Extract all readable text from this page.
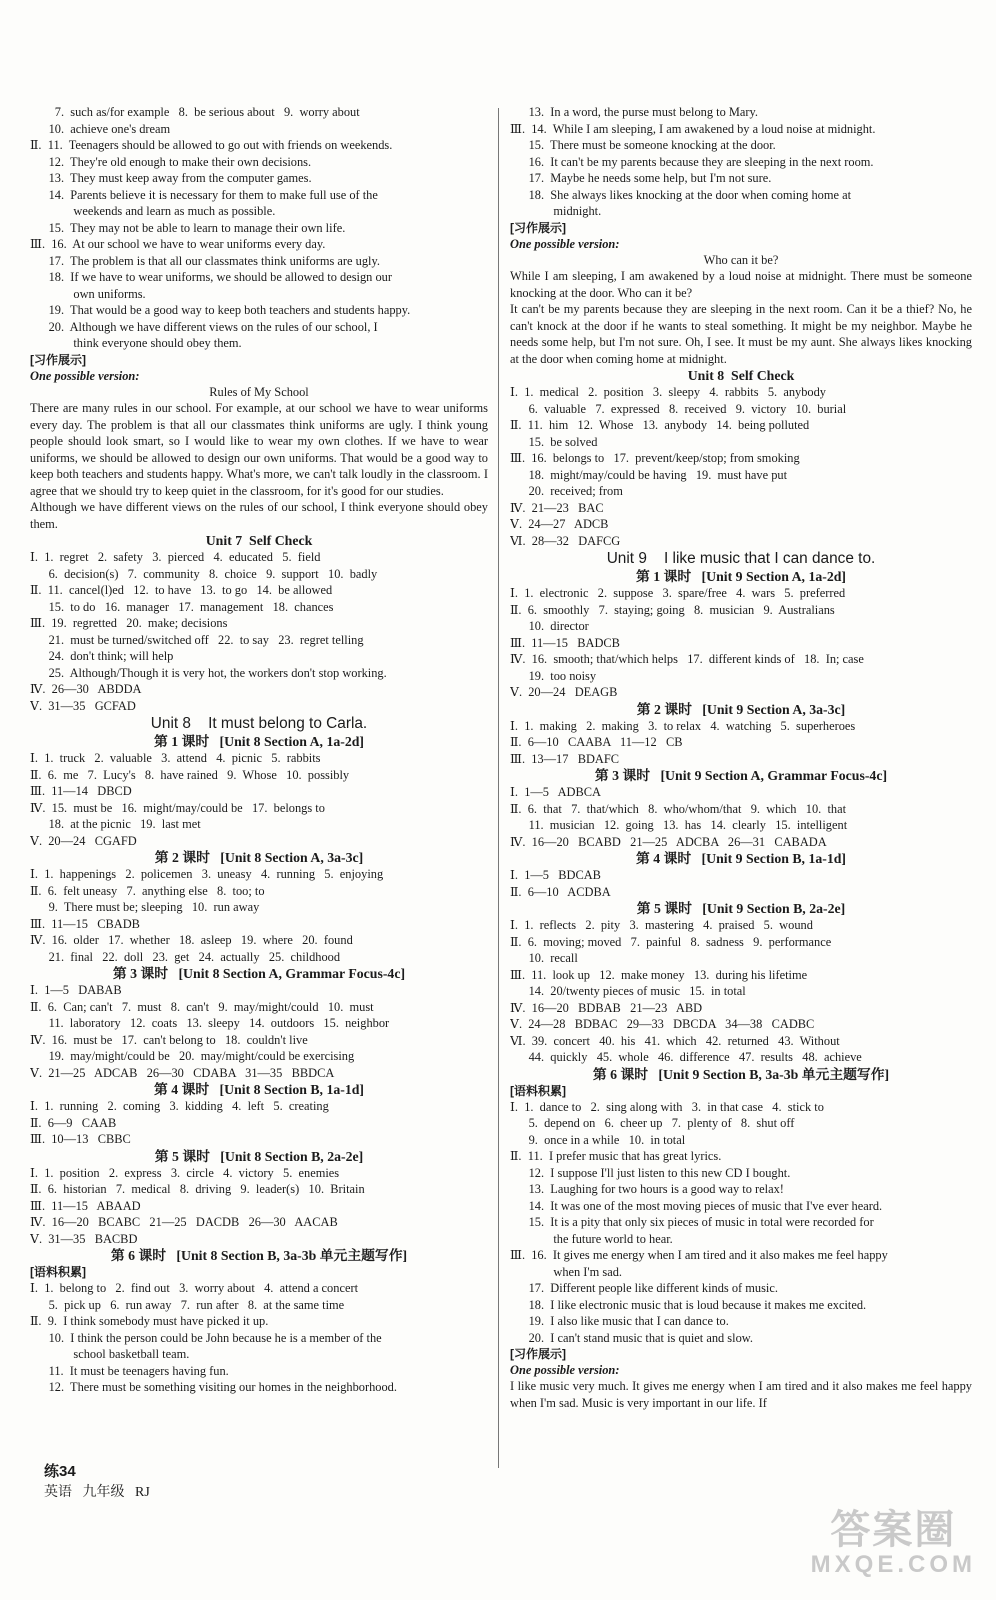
7.  such as/for example   8.  be serious about   9.  worry about
10.  achieve one's dream
Ⅱ.  11.  Teenagers should be allowed to go out with friends on weekends.
12.  They're old enough to make their own decisions.
13.  They must keep away from the computer games.
14.  Parents believe it is necessary for them to make full use of the
weekends and learn as much as possible.
15.  They may not be able to learn to manage their own life.
Ⅲ.  16.  At our school we have to wear uniforms every day.
17.  The problem is that all our classmates think uniforms are ugly.
18.  If we have to wear uniforms, we should be allowed to design our
own uniforms.
19.  That would be a good way to keep both teachers and students happy.
20.  Although we have different views on the rules of our school, I
think everyone should obey them.
[习作展示]
One possible version:
Rules of My School
There are many rules in our school. For example, at our school we have to wear uniforms every day. The problem is that all our classmates think uniforms are ugly. I think young people should look smart, so I would like to wear my own clothes. If we have to wear uniforms, we should be allowed to design our own uniforms. That would be a good way to keep both teachers and students happy. What's more, we can't talk loudly in the classroom. I agree that we should try to keep quiet in the classroom, for it's good for our studies.
Although we have different views on the rules of our school, I think everyone should obey them.
Unit 7  Self Check
Ⅰ.  1.  regret   2.  safety   3.  pierced   4.  educated   5.  field
6.  decision(s)   7.  community   8.  choice   9.  support   10.  badly
Ⅱ.  11.  cancel(l)ed   12.  to have   13.  to go   14.  be allowed
15.  to do   16.  manager   17.  management   18.  chances
Ⅲ.  19.  regretted   20.  make; decisions
21.  must be turned/switched off   22.  to say   23.  regret telling
24.  don't think; will help
25.  Although/Though it is very hot, the workers don't stop working.
Ⅳ.  26—30   ABDDA
Ⅴ.  31—35   GCFAD
Unit 8    It must belong to Carla.
第 1 课时   [Unit 8 Section A, 1a-2d]
Ⅰ.  1.  truck   2.  valuable   3.  attend   4.  picnic   5.  rabbits
Ⅱ.  6.  me   7.  Lucy's   8.  have rained   9.  Whose   10.  possibly
Ⅲ.  11—14   DBCD
Ⅳ.  15.  must be   16.  might/may/could be   17.  belongs to
18.  at the picnic   19.  last met
Ⅴ.  20—24   CGAFD
第 2 课时   [Unit 8 Section A, 3a-3c]
Ⅰ.  1.  happenings   2.  policemen   3.  uneasy   4.  running   5.  enjoying
Ⅱ.  6.  felt uneasy   7.  anything else   8.  too; to
9.  There must be; sleeping   10.  run away
Ⅲ.  11—15   CBADB
Ⅳ.  16.  older   17.  whether   18.  asleep   19.  where   20.  found
21.  final   22.  doll   23.  get   24.  actually   25.  childhood
第 3 课时   [Unit 8 Section A, Grammar Focus-4c]
Ⅰ.  1—5   DABAB
Ⅱ.  6.  Can; can't   7.  must   8.  can't   9.  may/might/could   10.  must
11.  laboratory   12.  coats   13.  sleepy   14.  outdoors   15.  neighbor
Ⅳ.  16.  must be   17.  can't belong to   18.  couldn't live
19.  may/might/could be   20.  may/might/could be exercising
Ⅴ.  21—25   ADCAB   26—30   CDABA   31—35   BBDCA
第 4 课时   [Unit 8 Section B, 1a-1d]
Ⅰ.  1.  running   2.  coming   3.  kidding   4.  left   5.  creating
Ⅱ.  6—9   CAAB
Ⅲ.  10—13   CBBC
第 5 课时   [Unit 8 Section B, 2a-2e]
Ⅰ.  1.  position   2.  express   3.  circle   4.  victory   5.  enemies
Ⅱ.  6.  historian   7.  medical   8.  driving   9.  leader(s)   10.  Britain
Ⅲ.  11—15   ABAAD
Ⅳ.  16—20   BCABC   21—25   DACDB   26—30   AACAB
Ⅴ.  31—35   BACBD
第 6 课时   [Unit 8 Section B, 3a-3b 单元主题写作]
[语料积累]
Ⅰ.  1.  belong to   2.  find out   3.  worry about   4.  attend a concert
5.  pick up   6.  run away   7.  run after   8.  at the same time
Ⅱ.  9.  I think somebody must have picked it up.
10.  I think the person could be John because he is a member of the
school basketball team.
11.  It must be teenagers having fun.
12.  There must be something visiting our homes in the neighborhood.
13.  In a word, the purse must belong to Mary.
Ⅲ.  14.  While I am sleeping, I am awakened by a loud noise at midnight.
15.  There must be someone knocking at the door.
16.  It can't be my parents because they are sleeping in the next room.
17.  Maybe he needs some help, but I'm not sure.
18.  She always likes knocking at the door when coming home at
midnight.
[习作展示]
One possible version:
Who can it be?
While I am sleeping, I am awakened by a loud noise at midnight. There must be someone knocking at the door. Who can it be?
It can't be my parents because they are sleeping in the next room. Can it be a thief? No, he can't knock at the door if he wants to steal something. It might be my neighbor. Maybe he needs some help, but I'm not sure. Oh, I see. It must be my aunt. She always likes knocking at the door when coming home at midnight.
Unit 8  Self Check
Ⅰ.  1.  medical   2.  position   3.  sleepy   4.  rabbits   5.  anybody
6.  valuable   7.  expressed   8.  received   9.  victory   10.  burial
Ⅱ.  11.  him   12.  Whose   13.  anybody   14.  being polluted
15.  be solved
Ⅲ.  16.  belongs to   17.  prevent/keep/stop; from smoking
18.  might/may/could be having   19.  must have put
20.  received; from
Ⅳ.  21—23   BAC
Ⅴ.  24—27   ADCB
Ⅵ.  28—32   DAFCG
Unit 9    I like music that I can dance to.
第 1 课时   [Unit 9 Section A, 1a-2d]
Ⅰ.  1.  electronic   2.  suppose   3.  spare/free   4.  wars   5.  preferred
Ⅱ.  6.  smoothly   7.  staying; going   8.  musician   9.  Australians
10.  director
Ⅲ.  11—15   BADCB
Ⅳ.  16.  smooth; that/which helps   17.  different kinds of   18.  In; case
19.  too noisy
Ⅴ.  20—24   DEAGB
第 2 课时   [Unit 9 Section A, 3a-3c]
Ⅰ.  1.  making   2.  making   3.  to relax   4.  watching   5.  superheroes
Ⅱ.  6—10   CAABA   11—12   CB
Ⅲ.  13—17   BDAFC
第 3 课时   [Unit 9 Section A, Grammar Focus-4c]
Ⅰ.  1—5   ADBCA
Ⅱ.  6.  that   7.  that/which   8.  who/whom/that   9.  which   10.  that
11.  musician   12.  going   13.  has   14.  clearly   15.  intelligent
Ⅳ.  16—20   BCABD   21—25   ADCBA   26—31   CABADA
第 4 课时   [Unit 9 Section B, 1a-1d]
Ⅰ.  1—5   BDCAB
Ⅱ.  6—10   ACDBA
第 5 课时   [Unit 9 Section B, 2a-2e]
Ⅰ.  1.  reflects   2.  pity   3.  mastering   4.  praised   5.  wound
Ⅱ.  6.  moving; moved   7.  painful   8.  sadness   9.  performance
10.  recall
Ⅲ.  11.  look up   12.  make money   13.  during his lifetime
14.  20/twenty pieces of music   15.  in total
Ⅳ.  16—20   BDBAB   21—23   ABD
Ⅴ.  24—28   BDBAC   29—33   DBCDA   34—38   CADBC
Ⅵ.  39.  concert   40.  his   41.  which   42.  returned   43.  Without
44.  quickly   45.  whole   46.  difference   47.  results   48.  achieve
第 6 课时   [Unit 9 Section B, 3a-3b 单元主题写作]
[语料积累]
Ⅰ.  1.  dance to   2.  sing along with   3.  in that case   4.  stick to
5.  depend on   6.  cheer up   7.  plenty of   8.  shut off
9.  once in a while   10.  in total
Ⅱ.  11.  I prefer music that has great lyrics.
12.  I suppose I'll just listen to this new CD I bought.
13.  Laughing for two hours is a good way to relax!
14.  It was one of the most moving pieces of music that I've ever heard.
15.  It is a pity that only six pieces of music in total were recorded for
the future world to hear.
Ⅲ.  16.  It gives me energy when I am tired and it also makes me feel happy
when I'm sad.
17.  Different people like different kinds of music.
18.  I like electronic music that is loud because it makes me excited.
19.  I also like music that I can dance to.
20.  I can't stand music that is quiet and slow.
[习作展示]
One possible version:
I like music very much. It gives me energy when I am tired and it also makes me feel happy when I'm sad. Music is very important in our life. If

练34
英语   九年级   RJ

答案圈
MXQE.COM
